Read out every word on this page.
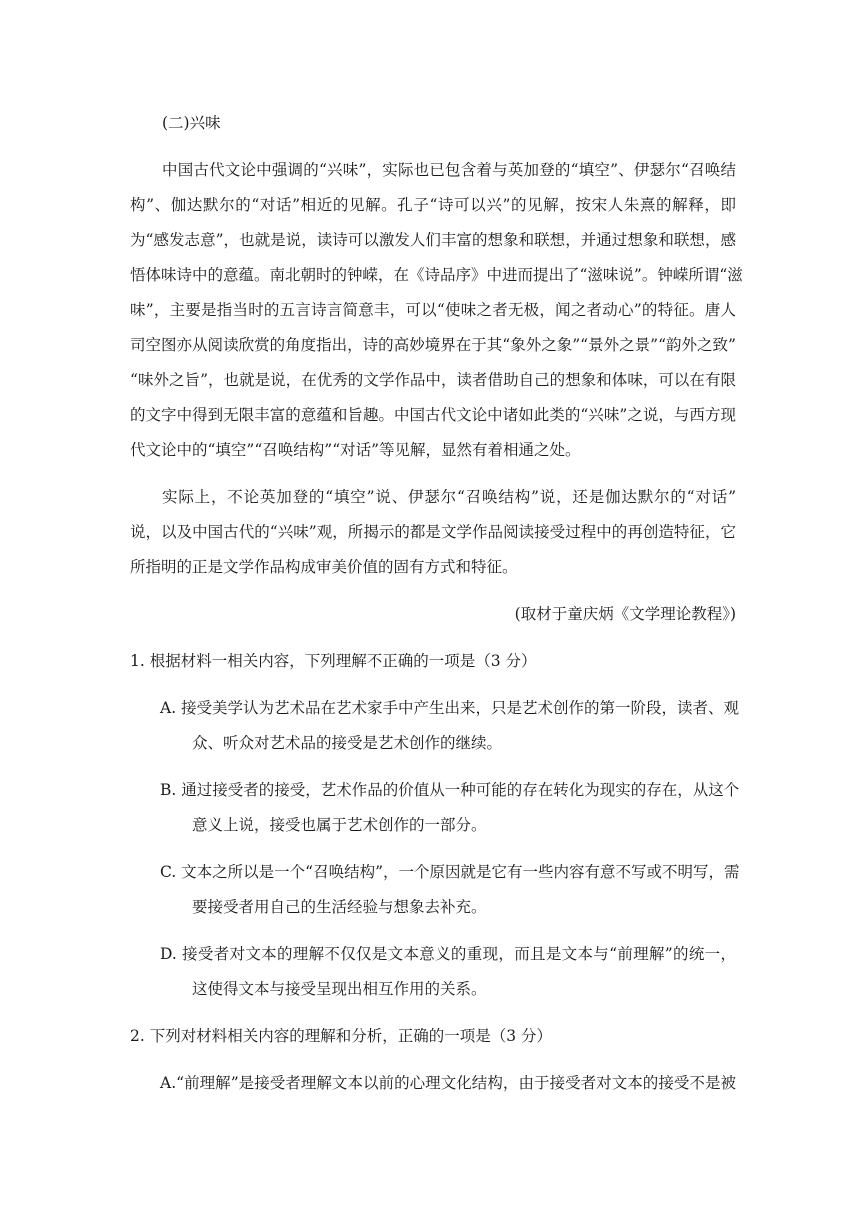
(二)兴味
中国古代文论中强调的“兴味”，实际也已包含着与英加登的“填空”、伊瑟尔“召唤结
构”、伽达默尔的“对话”相近的见解。孔子“诗可以兴”的见解，按宋人朱熹的解释，即
为“感发志意”，也就是说，读诗可以激发人们丰富的想象和联想，并通过想象和联想，感
悟体味诗中的意蕴。南北朝时的钟嵘，在《诗品序》中进而提出了“滋味说”。钟嵘所谓“滋
味”，主要是指当时的五言诗言简意丰，可以“使味之者无极，闻之者动心”的特征。唐人
司空图亦从阅读欣赏的角度指出，诗的高妙境界在于其“象外之象”“景外之景”“韵外之致”
“味外之旨”，也就是说，在优秀的文学作品中，读者借助自己的想象和体味，可以在有限
的文字中得到无限丰富的意蕴和旨趣。中国古代文论中诸如此类的“兴味”之说，与西方现
代文论中的“填空”“召唤结构”“对话”等见解，显然有着相通之处。
实际上，不论英加登的“填空”说、伊瑟尔“召唤结构”说，还是伽达默尔的“对话”
说，以及中国古代的“兴味”观，所揭示的都是文学作品阅读接受过程中的再创造特征，它
所指明的正是文学作品构成审美价值的固有方式和特征。
(取材于童庆炳《文学理论教程》)
1. 根据材料一相关内容，下列理解不正确的一项是（3 分）
A. 接受美学认为艺术品在艺术家手中产生出来，只是艺术创作的第一阶段，读者、观
众、听众对艺术品的接受是艺术创作的继续。
B. 通过接受者的接受，艺术作品的价值从一种可能的存在转化为现实的存在，从这个
意义上说，接受也属于艺术创作的一部分。
C. 文本之所以是一个“召唤结构”，一个原因就是它有一些内容有意不写或不明写，需
要接受者用自己的生活经验与想象去补充。
D. 接受者对文本的理解不仅仅是文本意义的重现，而且是文本与“前理解”的统一，
这使得文本与接受呈现出相互作用的关系。
2. 下列对材料相关内容的理解和分析，正确的一项是（3 分）
A.“前理解”是接受者理解文本以前的心理文化结构，由于接受者对文本的接受不是被
